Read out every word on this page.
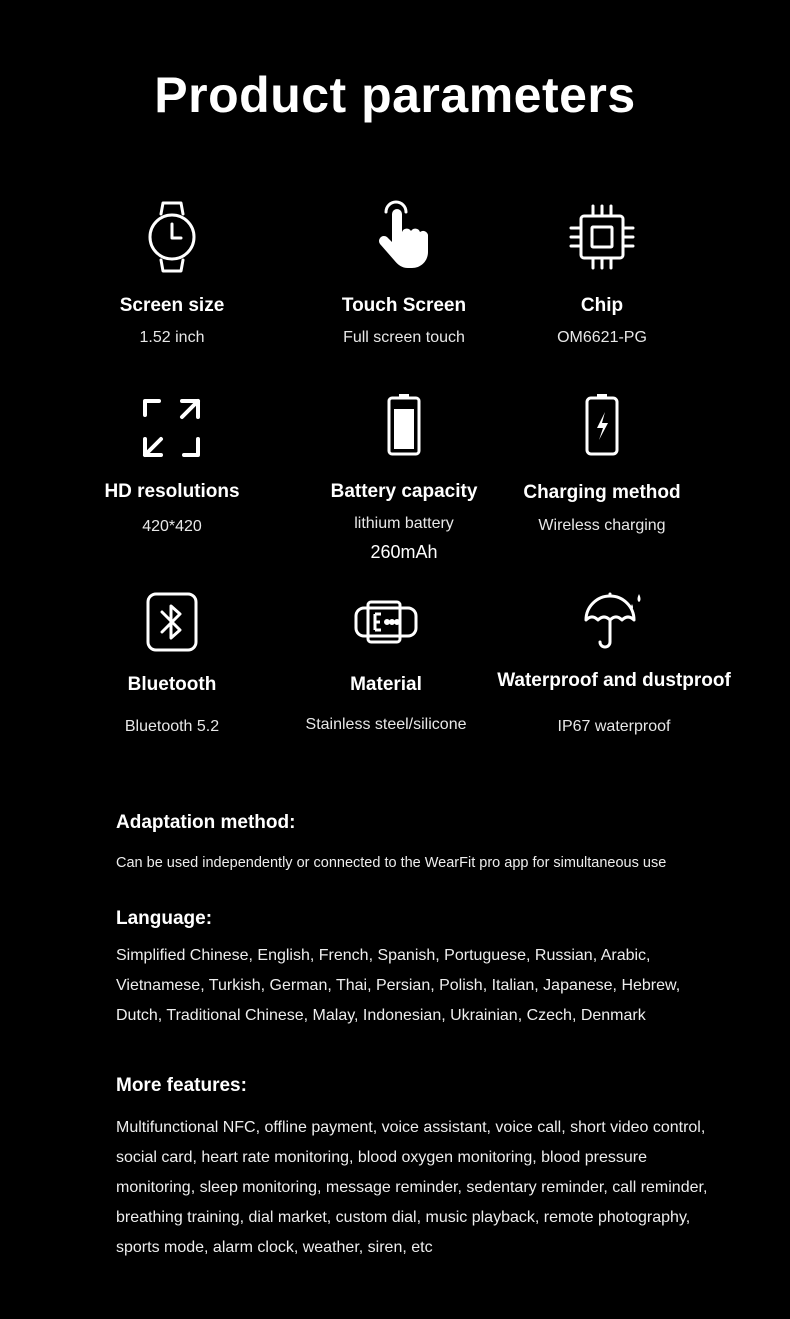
Product parameters
Screen size
1.52 inch
Touch Screen
Full screen touch
Chip
OM6621-PG
HD resolutions
420*420
Battery capacity
lithium battery
260mAh
Charging method
Wireless charging
Bluetooth
Bluetooth 5.2
Material
Stainless steel/silicone
Waterproof and dustproof
IP67 waterproof
Adaptation method:
Can be used independently or connected to the WearFit pro app for simultaneous use
Language:
Simplified Chinese, English, French, Spanish, Portuguese, Russian, Arabic, Vietnamese, Turkish, German, Thai, Persian, Polish, Italian, Japanese, Hebrew, Dutch, Traditional Chinese, Malay, Indonesian, Ukrainian, Czech, Denmark
More features:
Multifunctional NFC, offline payment, voice assistant, voice call, short video control, social card, heart rate monitoring, blood oxygen monitoring, blood pressure monitoring, sleep monitoring, message reminder, sedentary reminder, call reminder, breathing training, dial market, custom dial, music playback, remote photography, sports mode, alarm clock, weather, siren, etc
